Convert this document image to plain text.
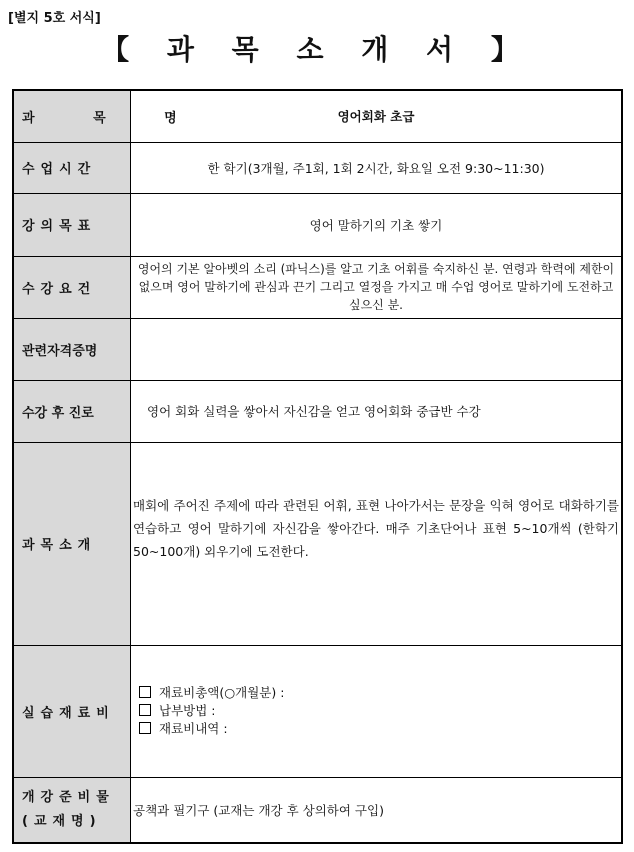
[별지 5호 서식]
【 과 목 소 개 서 】
과 목 명	영어회화 초급
수업시간	한 학기(3개월, 주1회, 1회 2시간, 화요일 오전 9:30~11:30)
강의목표	영어 말하기의 기초 쌓기
수강요건	영어의 기본 알아벳의 소리 (파닉스)를 알고 기초 어휘를 숙지하신 분. 연령과 학력에 제한이 없으며 영어 말하기에 관심과 끈기 그리고 열정을 가지고 매 수업 영어로 말하기에 도전하고 싶으신 분.

관련자격증명	
수강 후 진로	영어 회화 실력을 쌓아서 자신감을 얻고 영어회화 중급반 수강
과목소개	매회에 주어진 주제에 따라 관련된 어휘, 표현 나아가서는 문장을 익혀 영어로 대화하기를 연습하고 영어 말하기에 자신감을 쌓아간다. 매주 기초단어나 표현 5~10개씩 (한학기 50~100개) 외우기에 도전한다.

실습재료비	재료비총액(○개월분) :
납부방법 :
재료비내역 :

개강준비물
(교재명)	공책과 필기구 (교재는 개강 후 상의하여 구입)
